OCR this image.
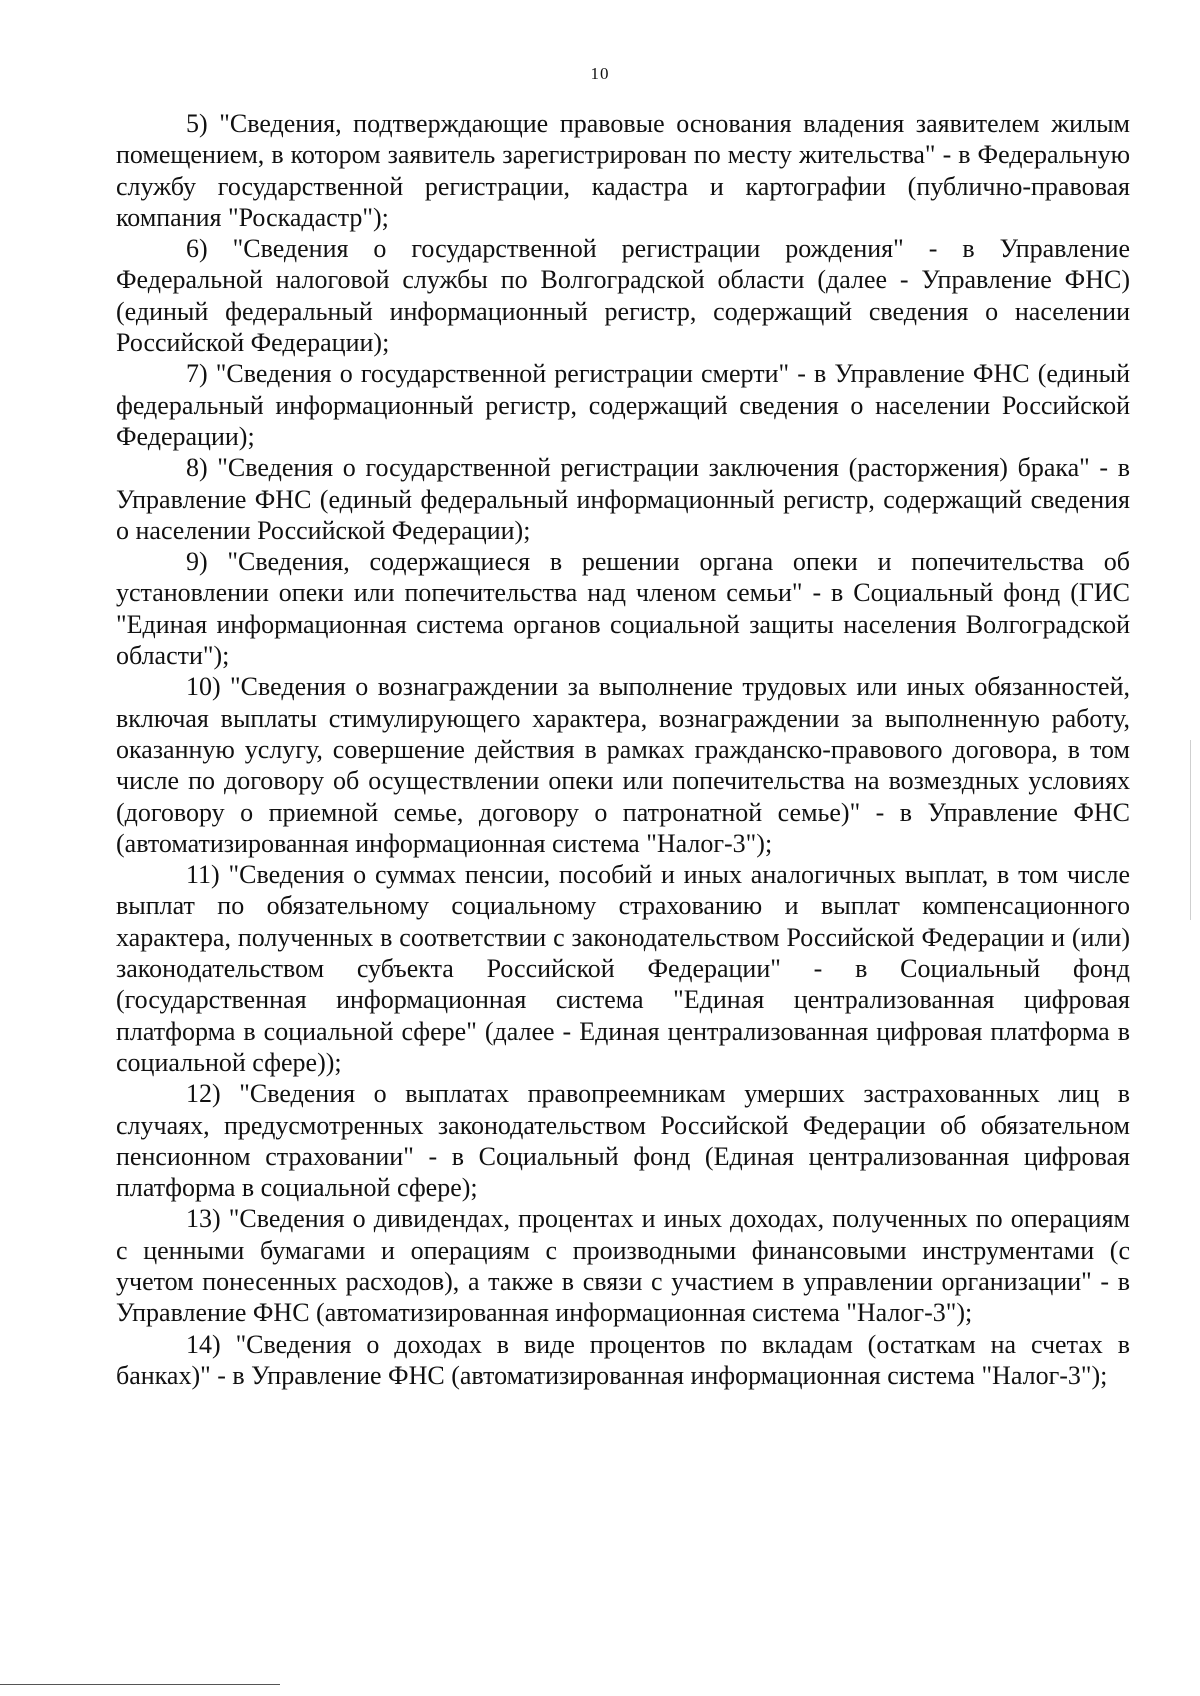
10

5) "Сведения, подтверждающие правовые основания владения заявителем жилым помещением, в котором заявитель зарегистрирован по месту жительства" - в Федеральную службу государственной регистрации, кадастра и картографии (публично-правовая компания "Роскадастр");

6) "Сведения о государственной регистрации рождения" - в Управление Федеральной налоговой службы по Волгоградской области (далее - Управление ФНС) (единый федеральный информационный регистр, содержащий сведения о населении Российской Федерации);

7) "Сведения о государственной регистрации смерти" - в Управление ФНС (единый федеральный информационный регистр, содержащий сведения о населении Российской Федерации);

8) "Сведения о государственной регистрации заключения (расторжения) брака" - в Управление ФНС (единый федеральный информационный регистр, содержащий сведения о населении Российской Федерации);

9) "Сведения, содержащиеся в решении органа опеки и попечительства об установлении опеки или попечительства над членом семьи" - в Социальный фонд (ГИС "Единая информационная система органов социальной защиты населения Волгоградской области");

10) "Сведения о вознаграждении за выполнение трудовых или иных обязанностей, включая выплаты стимулирующего характера, вознаграждении за выполненную работу, оказанную услугу, совершение действия в рамках гражданско-правового договора, в том числе по договору об осуществлении опеки или попечительства на возмездных условиях (договору о приемной семье, договору о патронатной семье)" - в Управление ФНС (автоматизированная информационная система "Налог-3");

11) "Сведения о суммах пенсии, пособий и иных аналогичных выплат, в том числе выплат по обязательному социальному страхованию и выплат компенсационного характера, полученных в соответствии с законодательством Российской Федерации и (или) законодательством субъекта Российской Федерации" - в Социальный фонд (государственная информационная система "Единая централизованная цифровая платформа в социальной сфере" (далее - Единая централизованная цифровая платформа в социальной сфере));

12) "Сведения о выплатах правопреемникам умерших застрахованных лиц в случаях, предусмотренных законодательством Российской Федерации об обязательном пенсионном страховании" - в Социальный фонд (Единая централизованная цифровая платформа в социальной сфере);

13) "Сведения о дивидендах, процентах и иных доходах, полученных по операциям с ценными бумагами и операциям с производными финансовыми инструментами (с учетом понесенных расходов), а также в связи с участием в управлении организации" - в Управление ФНС (автоматизированная информационная система "Налог-3");

14) "Сведения о доходах в виде процентов по вкладам (остаткам на счетах в банках)" - в Управление ФНС (автоматизированная информационная система "Налог-3");
